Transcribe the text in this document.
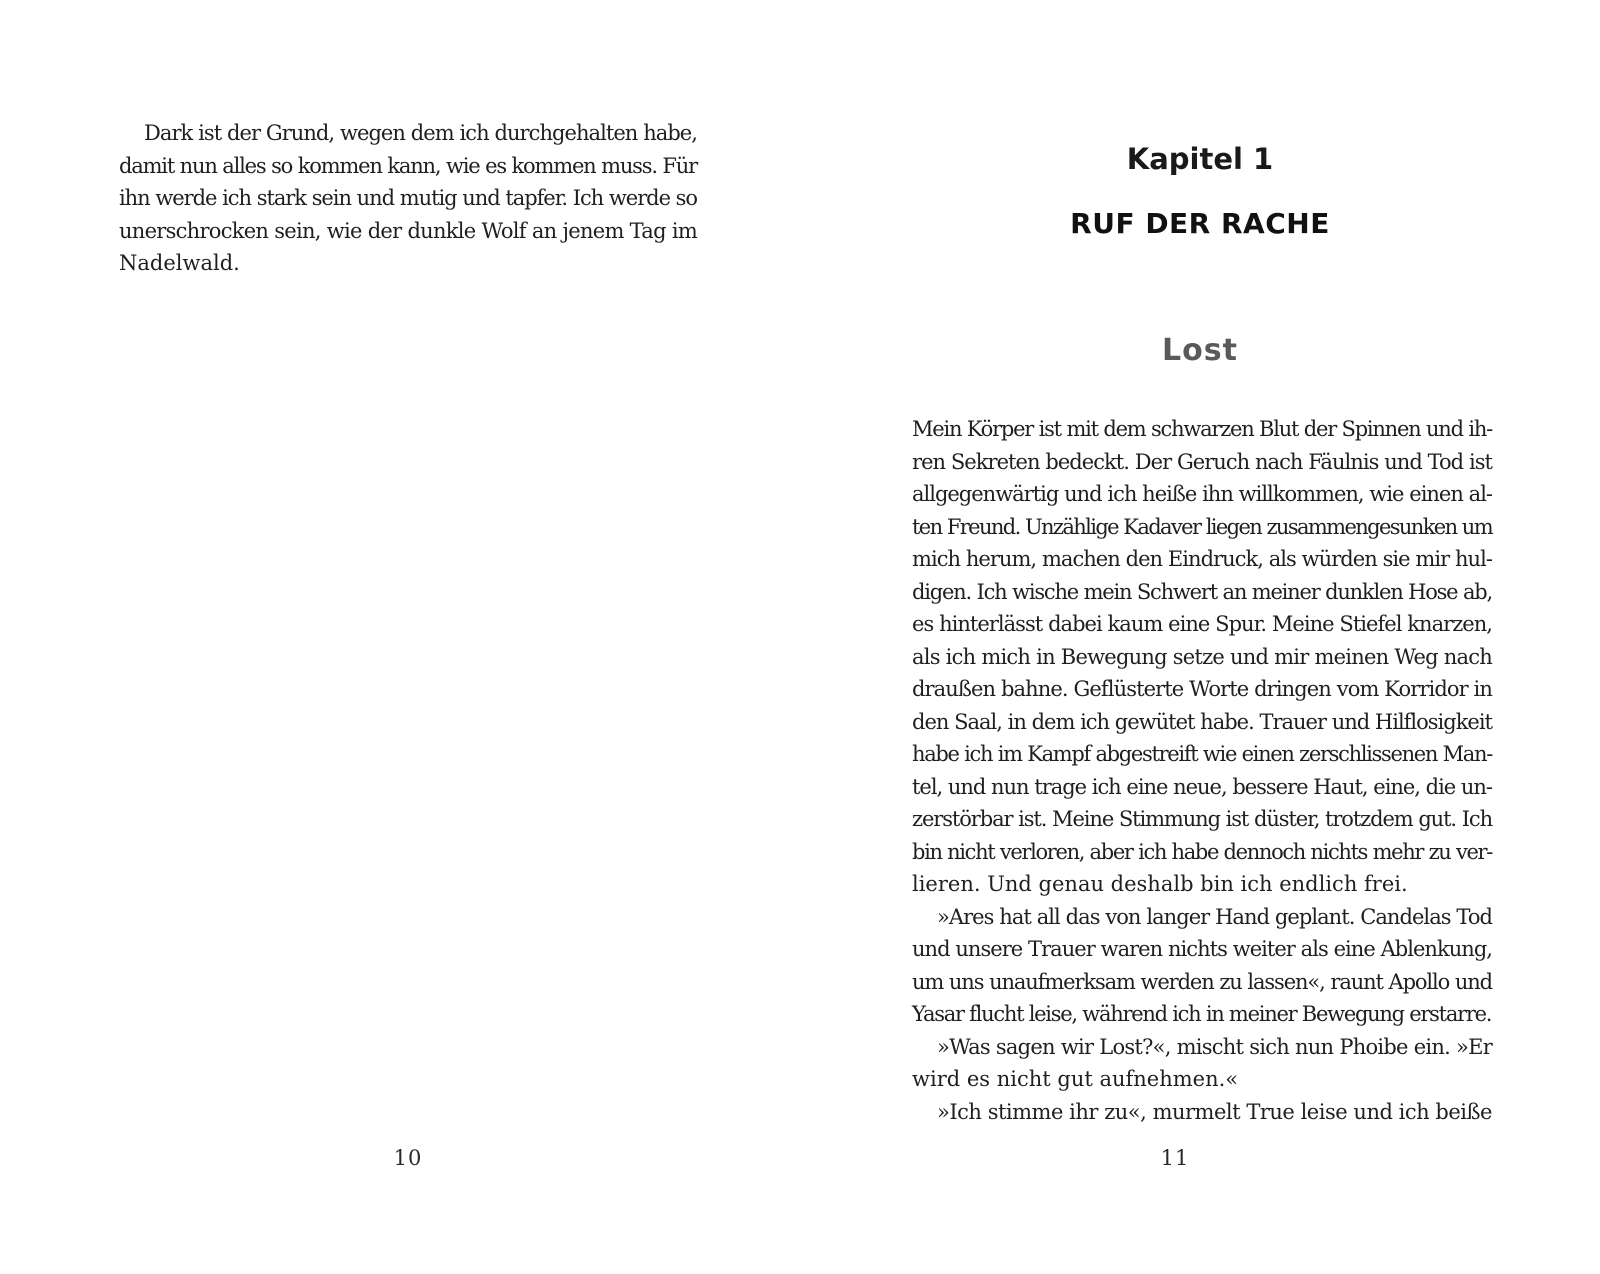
Dark ist der Grund, wegen dem ich durchgehalten habe,
damit nun alles so kommen kann, wie es kommen muss. Für
ihn werde ich stark sein und mutig und tapfer. Ich werde so
unerschrocken sein, wie der dunkle Wolf an jenem Tag im
Nadelwald.
10
Kapitel 1
RUF DER RACHE
Lost
Mein Körper ist mit dem schwarzen Blut der Spinnen und ih-
ren Sekreten bedeckt. Der Geruch nach Fäulnis und Tod ist
allgegenwärtig und ich heiße ihn willkommen, wie einen al-
ten Freund. Unzählige Kadaver liegen zusammengesunken um
mich herum, machen den Eindruck, als würden sie mir hul-
digen. Ich wische mein Schwert an meiner dunklen Hose ab,
es hinterlässt dabei kaum eine Spur. Meine Stiefel knarzen,
als ich mich in Bewegung setze und mir meinen Weg nach
draußen bahne. Geflüsterte Worte dringen vom Korridor in
den Saal, in dem ich gewütet habe. Trauer und Hilflosigkeit
habe ich im Kampf abgestreift wie einen zerschlissenen Man-
tel, und nun trage ich eine neue, bessere Haut, eine, die un-
zerstörbar ist. Meine Stimmung ist düster, trotzdem gut. Ich
bin nicht verloren, aber ich habe dennoch nichts mehr zu ver-
lieren. Und genau deshalb bin ich endlich frei.
»Ares hat all das von langer Hand geplant. Candelas Tod
und unsere Trauer waren nichts weiter als eine Ablenkung,
um uns unaufmerksam werden zu lassen«, raunt Apollo und
Yasar flucht leise, während ich in meiner Bewegung erstarre.
»Was sagen wir Lost?«, mischt sich nun Phoibe ein. »Er
wird es nicht gut aufnehmen.«
»Ich stimme ihr zu«, murmelt True leise und ich beiße
11
